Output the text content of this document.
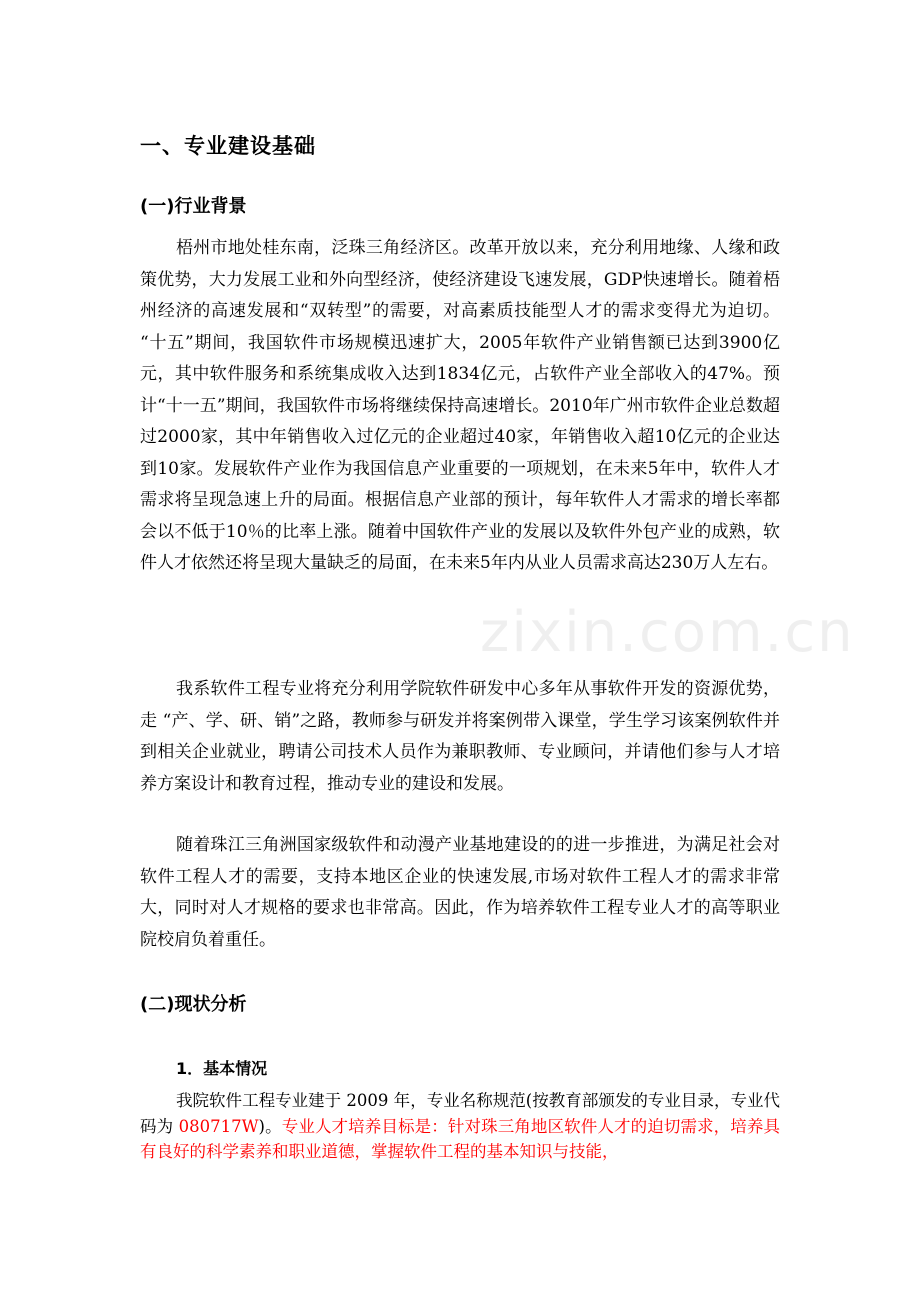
一、专业建设基础
(一)行业背景

梧州市地处桂东南，泛珠三角经济区。改革开放以来，充分利用地缘、人缘和政策优势，大力发展工业和外向型经济，使经济建设飞速发展，GDP快速增长。随着梧州经济的高速发展和“双转型”的需要，对高素质技能型人才的需求变得尤为迫切。 “十五”期间，我国软件市场规模迅速扩大，2005年软件产业销售额已达到3900亿元，其中软件服务和系统集成收入达到1834亿元，占软件产业全部收入的47%。预计“十一五”期间，我国软件市场将继续保持高速增长。2010年广州市软件企业总数超过2000家，其中年销售收入过亿元的企业超过40家，年销售收入超10亿元的企业达到10家。发展软件产业作为我国信息产业重要的一项规划，在未来5年中，软件人才需求将呈现急速上升的局面。根据信息产业部的预计，每年软件人才需求的增长率都会以不低于10％的比率上涨。随着中国软件产业的发展以及软件外包产业的成熟，软件人才依然还将呈现大量缺乏的局面，在未来5年内从业人员需求高达230万人左右。

我系软件工程专业将充分利用学院软件研发中心多年从事软件开发的资源优势，走 “产、学、研、销”之路，教师参与研发并将案例带入课堂，学生学习该案例软件并到相关企业就业，聘请公司技术人员作为兼职教师、专业顾问，并请他们参与人才培养方案设计和教育过程，推动专业的建设和发展。

随着珠江三角洲国家级软件和动漫产业基地建设的的进一步推进，为满足社会对软件工程人才的需要，支持本地区企业的快速发展,市场对软件工程人才的需求非常大，同时对人才规格的要求也非常高。因此，作为培养软件工程专业人才的高等职业院校肩负着重任。

(二)现状分析
1．基本情况

我院软件工程专业建于 2009 年，专业名称规范(按教育部颁发的专业目录，专业代码为 080717W)。专业人才培养目标是：针对珠三角地区软件人才的迫切需求，培养具有良好的科学素养和职业道德，掌握软件工程的基本知识与技能，

zixin.com.cn
